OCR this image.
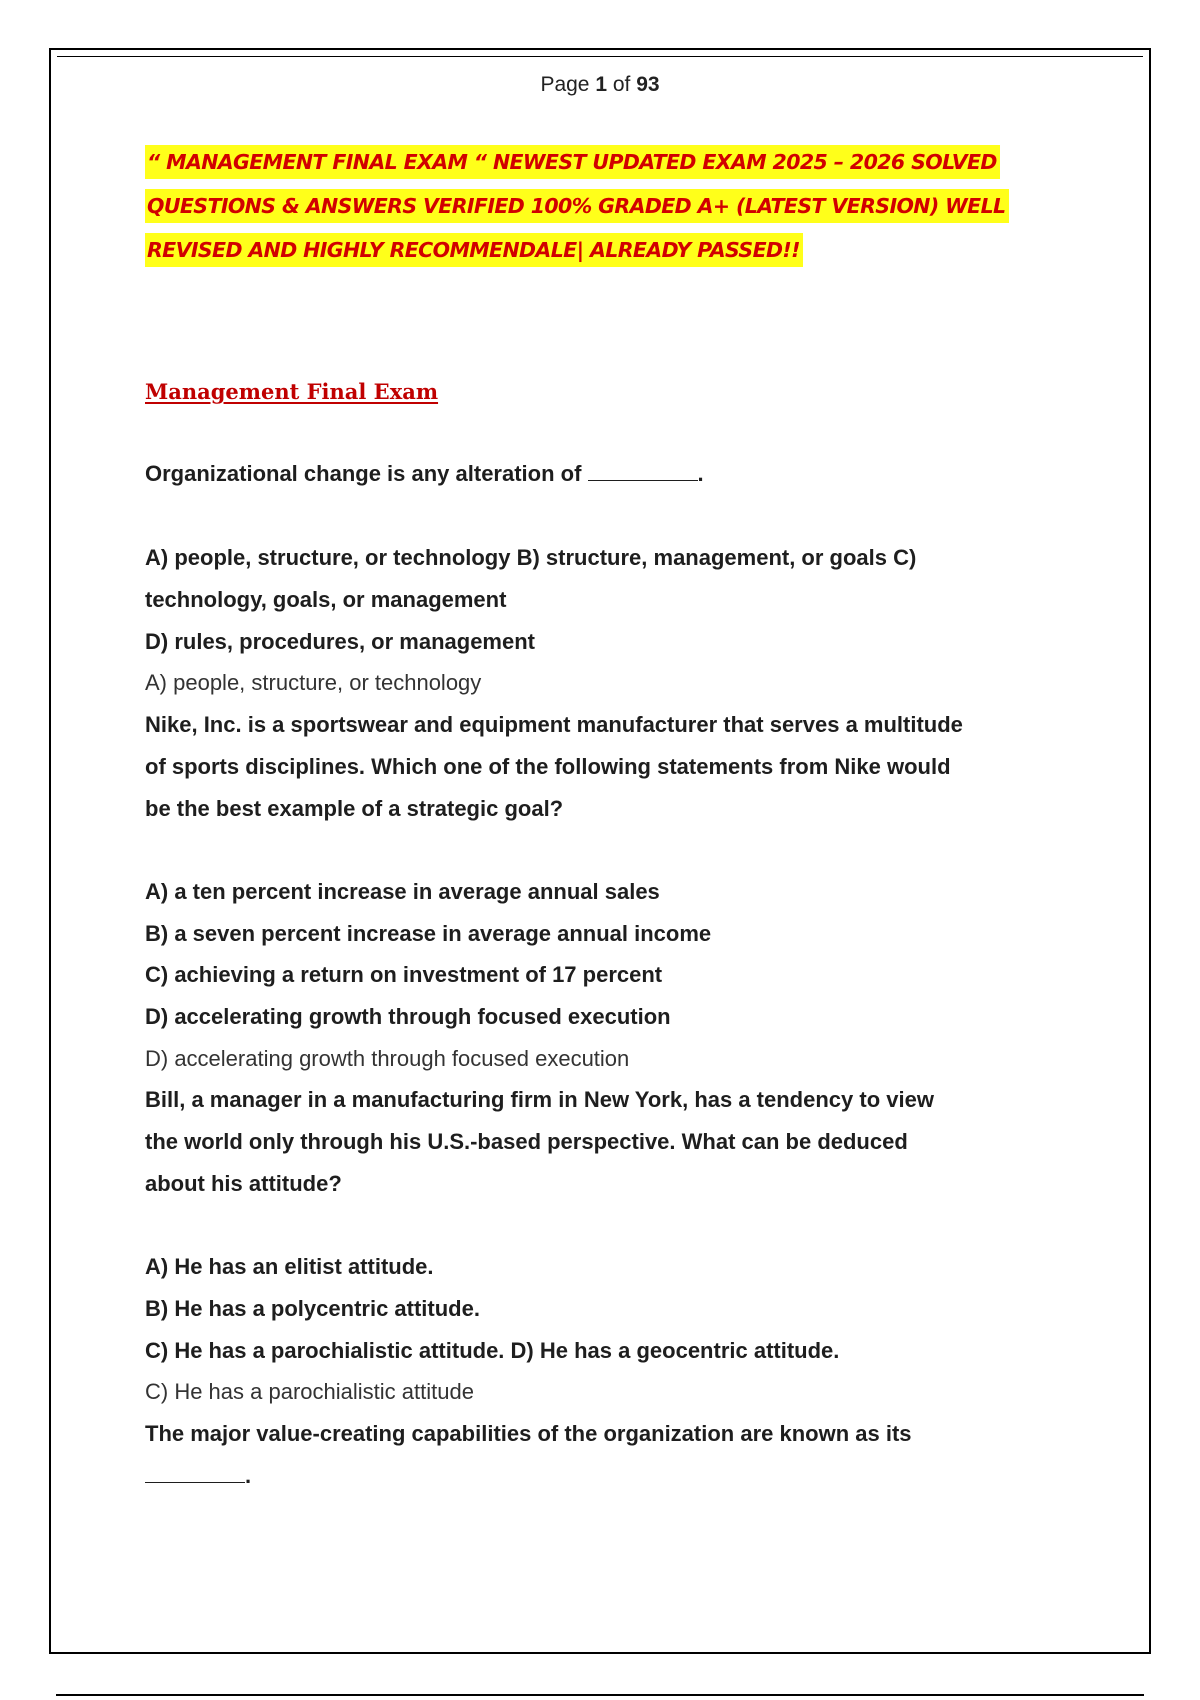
Page 1 of 93
“ MANAGEMENT FINAL EXAM “ NEWEST UPDATED EXAM 2025 – 2026 SOLVED
QUESTIONS & ANSWERS VERIFIED 100% GRADED A+ (LATEST VERSION) WELL
REVISED AND HIGHLY RECOMMENDALE| ALREADY PASSED!!
Management Final Exam
Organizational change is any alteration of	.
A) people, structure, or technology B) structure, management, or goals C)
technology, goals, or management
D) rules, procedures, or management
A) people, structure, or technology
Nike, Inc. is a sportswear and equipment manufacturer that serves a multitude
of sports disciplines. Which one of the following statements from Nike would
be the best example of a strategic goal?
A) a ten percent increase in average annual sales
B) a seven percent increase in average annual income
C) achieving a return on investment of 17 percent
D) accelerating growth through focused execution
D) accelerating growth through focused execution
Bill, a manager in a manufacturing firm in New York, has a tendency to view
the world only through his U.S.-based perspective. What can be deduced
about his attitude?
A) He has an elitist attitude.
B) He has a polycentric attitude.
C) He has a parochialistic attitude. D) He has a geocentric attitude.
C) He has a parochialistic attitude
The major value-creating capabilities of the organization are known as its
.
